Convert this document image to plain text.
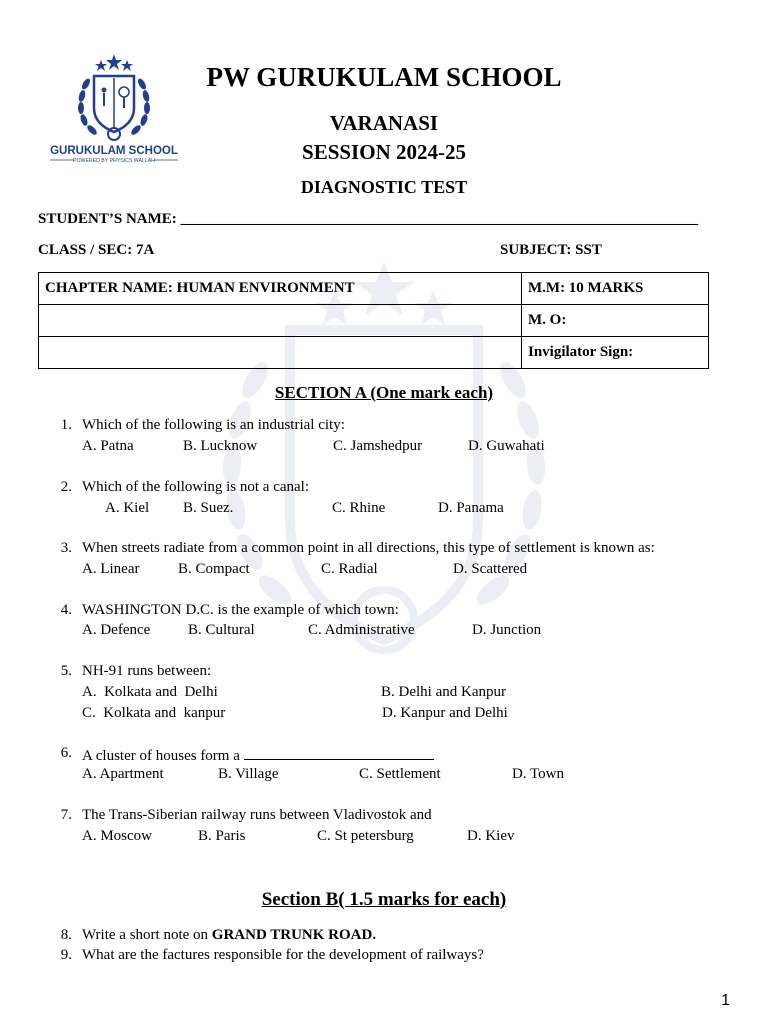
GURUKULAM SCHOOL
POWERED BY PHYSICS WALLAH
PW GURUKULAM SCHOOL
VARANASI
SESSION 2024-25
DIAGNOSTIC TEST
STUDENT’S NAME: _____________________________________________________________________
CLASS / SEC: 7A	SUBJECT: SST
CHAPTER NAME: HUMAN ENVIRONMENT	M.M: 10 MARKS
	M. O:
	Invigilator Sign:
SECTION A (One mark each)
1. Which of the following is an industrial city:
A. Patna	B. Lucknow	C. Jamshedpur	D. Guwahati
2. Which of the following is not a canal:
A. Kiel B. Suez.	C. Rhine	D. Panama
3. When streets radiate from a common point in all directions, this type of settlement is known as:
A. Linear	B. Compact	C. Radial	D. Scattered
4. WASHINGTON D.C. is the example of which town:
A. Defence	B. Cultural	C. Administrative	D. Junction
5. NH-91 runs between:
A.  Kolkata and  Delhi	B. Delhi and Kanpur
C.  Kolkata and  kanpur	D. Kanpur and Delhi
6. A cluster of houses form a
A. Apartment	B. Village	C. Settlement	D. Town
7. The Trans-Siberian railway runs between Vladivostok and
A. Moscow	B. Paris	C. St petersburg	D. Kiev
Section B( 1.5 marks for each)
8. Write a short note on GRAND TRUNK ROAD.
9. What are the factures responsible for the development of railways?
1
